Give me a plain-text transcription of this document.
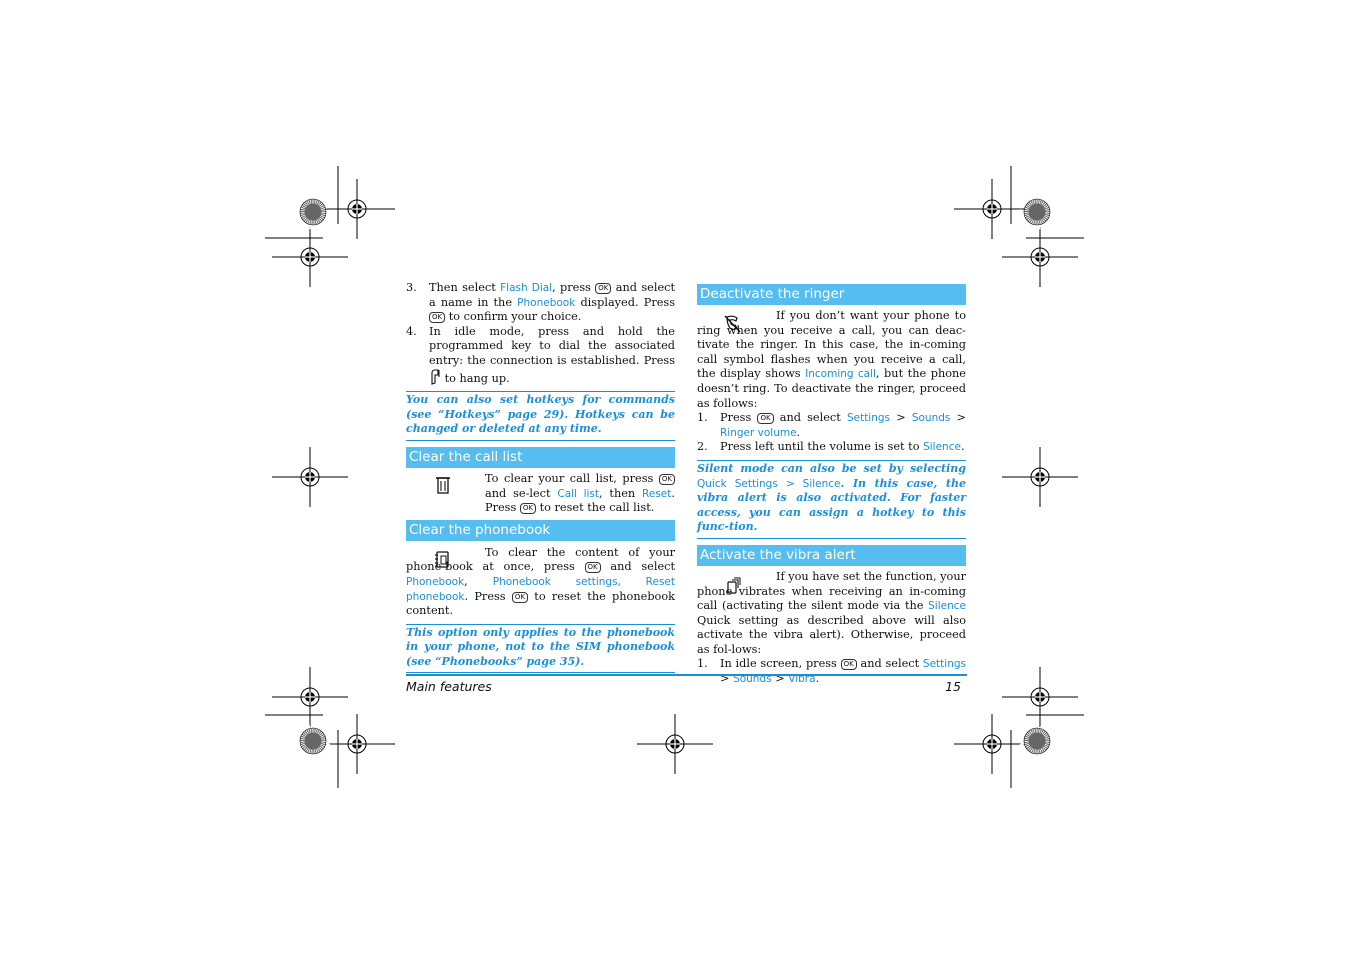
3.	Then select Flash Dial, press OK and select a name in the Phonebook displayed. Press OK to confirm your choice.
4.	In idle mode, press and hold the programmed key to dial the associated entry: the connection is established. Press  to hang up.
You can also set hotkeys for commands (see “Hotkeys” page 29). Hotkeys can be changed or deleted at any time.
Clear the call list

To clear your call list, press OK and se-lect Call list, then Reset. Press OK to reset the call list.

Clear the phonebook

To clear the content of your phone-book at once, press OK and select Phonebook, Phonebook settings, Reset phonebook. Press OK to reset the phonebook content.

This option only applies to the phonebook in your phone, not to the SIM phonebook (see “Phonebooks” page 35).
Deactivate the ringer

If you don’t want your phone to ring when you receive a call, you can deac-tivate the ringer. In this case, the in-coming call symbol flashes when you receive a call, the display shows Incoming call, but the phone doesn’t ring. To deactivate the ringer, proceed as follows:

1.	Press OK and select Settings > Sounds > Ringer volume.
2.	Press left until the volume is set to Silence.
Silent mode can also be set by selecting Quick Settings > Silence. In this case, the vibra alert is also activated. For faster access, you can assign a hotkey to this func-tion.
Activate the vibra alert

If you have set the function, your phone vibrates when receiving an in-coming call (activating the silent mode via the Silence Quick setting as described above will also activate the vibra alert). Otherwise, proceed as fol-lows:

1.	In idle screen, press OK and select Settings > Sounds > Vibra.
Main features	15
